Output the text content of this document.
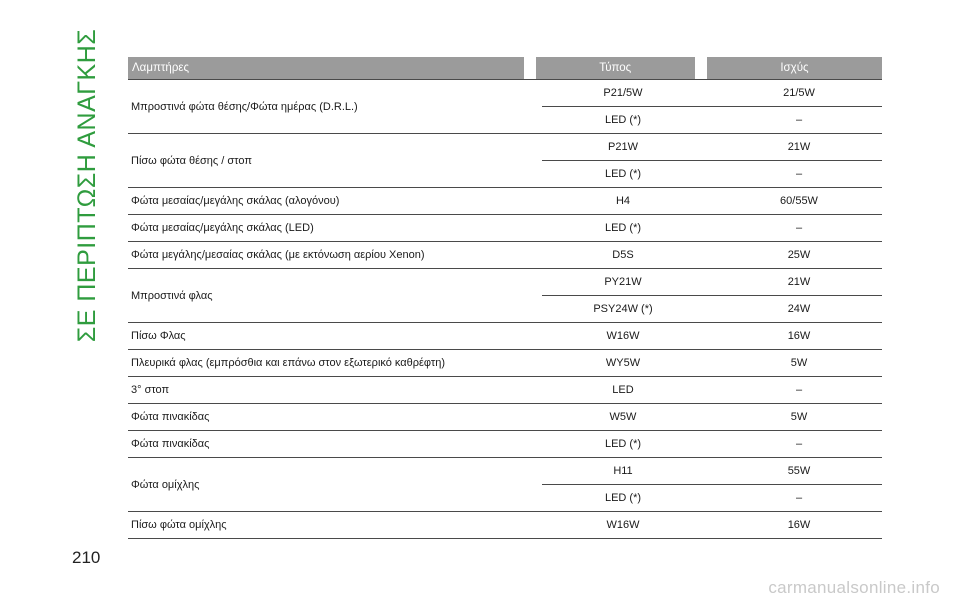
ΣΕ ΠΕΡΙΠΤΩΣΗ ΑΝΑΓΚΗΣ	Λαμπτήρες	Τύπος	Ισχύς
Μπροστινά φώτα θέσης/Φώτα ημέρας (D.R.L.)
P21/5W	21/5W
LED (*)	–
Πίσω φώτα θέσης / στοπ
P21W	21W
LED (*)	–
Φώτα μεσαίας/μεγάλης σκάλας (αλογόνου)	H4	60/55W
Φώτα μεσαίας/μεγάλης σκάλας (LED)	LED (*)	–
Φώτα μεγάλης/μεσαίας σκάλας (με εκτόνωση αερίου Xenon)	D5S	25W
Μπροστινά φλας
PY21W	21W
PSY24W (*)	24W
Πίσω Φλας	W16W	16W
Πλευρικά φλας (εμπρόσθια και επάνω στον εξωτερικό καθρέφτη)	WY5W	5W
3° στοπ	LED	–
Φώτα πινακίδας	W5W	5W
Φώτα πινακίδας	LED (*)	–
Φώτα ομίχλης
H11	55W
LED (*)	–
Πίσω φώτα ομίχλης	W16W	16W
210
carmanualsonline.info
